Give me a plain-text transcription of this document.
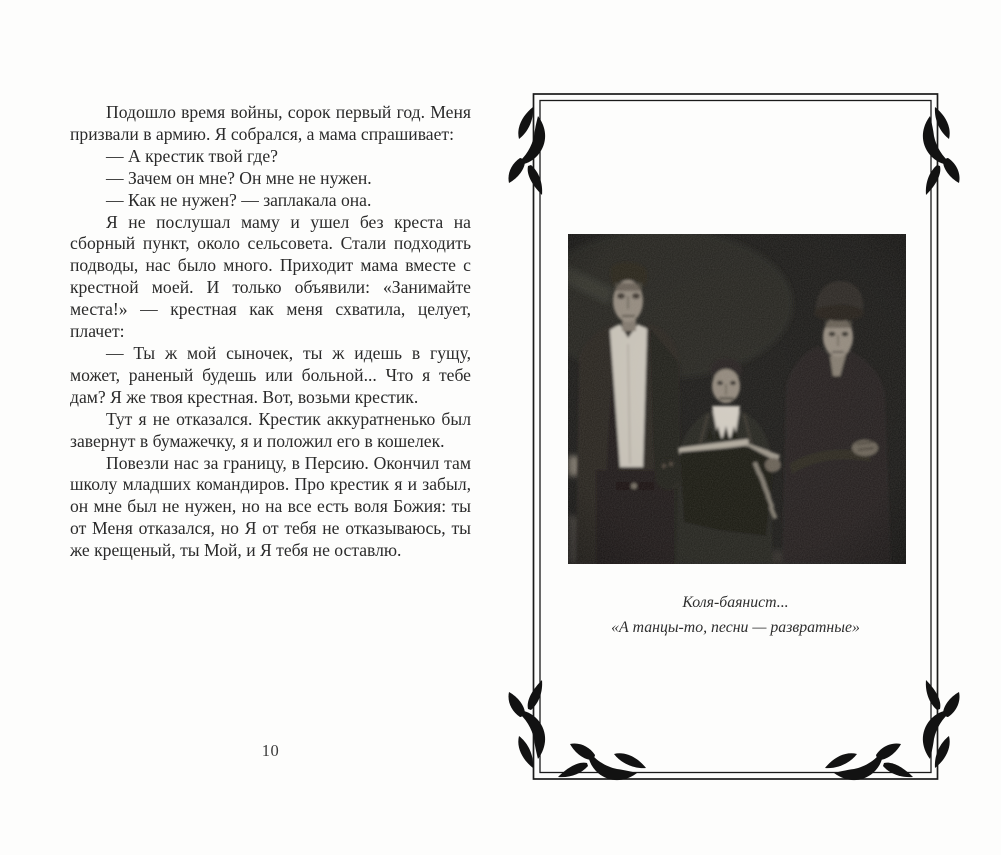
Подошло время войны, сорок первый год. Меня призвали в армию. Я собрался, а мама спрашивает:

— А крестик твой где?

— Зачем он мне? Он мне не нужен.

— Как не нужен? — заплакала она.

Я не послушал маму и ушел без креста на сборный пункт, около сельсовета. Стали подходить подводы, нас было много. Приходит мама вместе с крестной моей. И только объявили: «Занимайте места!» — крестная как меня схватила, целует, плачет:

— Ты ж мой сыночек, ты ж идешь в гущу, может, раненый будешь или больной... Что я тебе дам? Я же твоя крестная. Вот, возьми крестик.

Тут я не отказался. Крестик аккуратненько был завернут в бумажечку, я и положил его в кошелек.

Повезли нас за границу, в Персию. Окончил там школу младших командиров. Про крестик я и забыл, он мне был не нужен, но на все есть воля Божия: ты от Меня отказался, но Я от тебя не отказываюсь, ты же крещеный, ты Мой, и Я тебя не оставлю.

10
Коля-баянист...
«А танцы-то, песни — развратные»
